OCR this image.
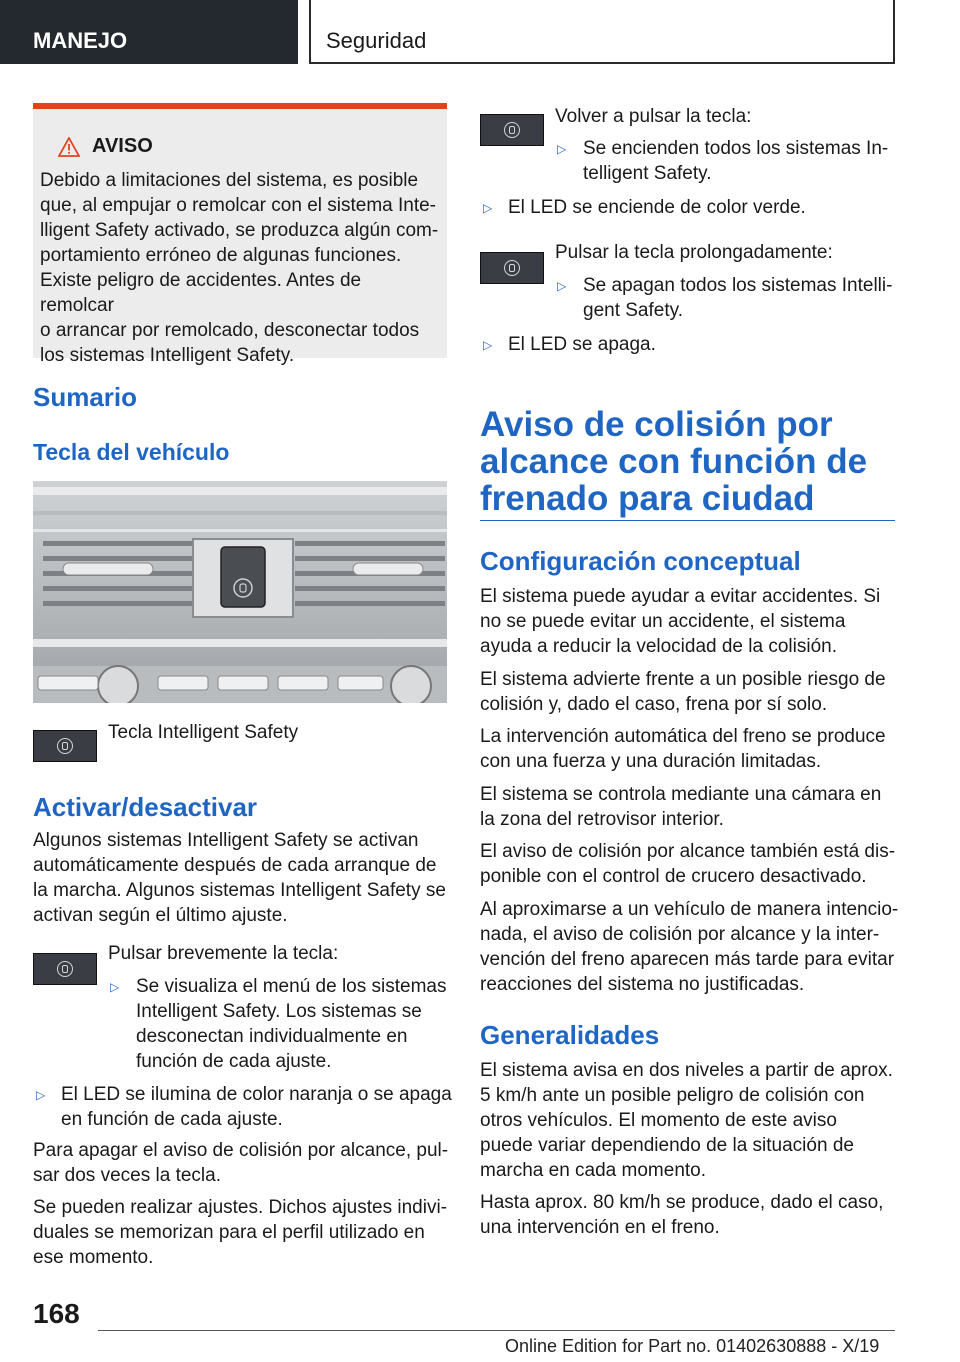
MANEJO	Seguridad
AVISO
Debido a limitaciones del sistema, es posible
que, al empujar o remolcar con el sistema Inte‐
lligent Safety activado, se produzca algún com‐
portamiento erróneo de algunas funciones.
Existe peligro de accidentes. Antes de remolcar
o arrancar por remolcado, desconectar todos
los sistemas Intelligent Safety.
Sumario
Tecla del vehículo
Tecla Intelligent Safety
Activar/desactivar
Algunos sistemas Intelligent Safety se activan
automáticamente después de cada arranque de
la marcha. Algunos sistemas Intelligent Safety se
activan según el último ajuste.
Pulsar brevemente la tecla:
▷ Se visualiza el menú de los sistemas
Intelligent Safety. Los sistemas se
desconectan individualmente en
función de cada ajuste.
▷ El LED se ilumina de color naranja o se apaga
en función de cada ajuste.
Para apagar el aviso de colisión por alcance, pul‐
sar dos veces la tecla.
Se pueden realizar ajustes. Dichos ajustes indivi‐
duales se memorizan para el perfil utilizado en
ese momento.
Volver a pulsar la tecla:
▷ Se encienden todos los sistemas In‐
telligent Safety.
▷ El LED se enciende de color verde.
Pulsar la tecla prolongadamente:
▷ Se apagan todos los sistemas Intelli‐
gent Safety.
▷ El LED se apaga.
Aviso de colisión por
alcance con función de
frenado para ciudad
Configuración conceptual
El sistema puede ayudar a evitar accidentes. Si
no se puede evitar un accidente, el sistema
ayuda a reducir la velocidad de la colisión.
El sistema advierte frente a un posible riesgo de
colisión y, dado el caso, frena por sí solo.
La intervención automática del freno se produce
con una fuerza y una duración limitadas.
El sistema se controla mediante una cámara en
la zona del retrovisor interior.
El aviso de colisión por alcance también está dis‐
ponible con el control de crucero desactivado.
Al aproximarse a un vehículo de manera intencio‐
nada, el aviso de colisión por alcance y la inter‐
vención del freno aparecen más tarde para evitar
reacciones del sistema no justificadas.
Generalidades
El sistema avisa en dos niveles a partir de aprox.
5 km/h ante un posible peligro de colisión con
otros vehículos. El momento de este aviso
puede variar dependiendo de la situación de
marcha en cada momento.
Hasta aprox. 80 km/h se produce, dado el caso,
una intervención en el freno.
168
Online Edition for Part no. 01402630888 - X/19
